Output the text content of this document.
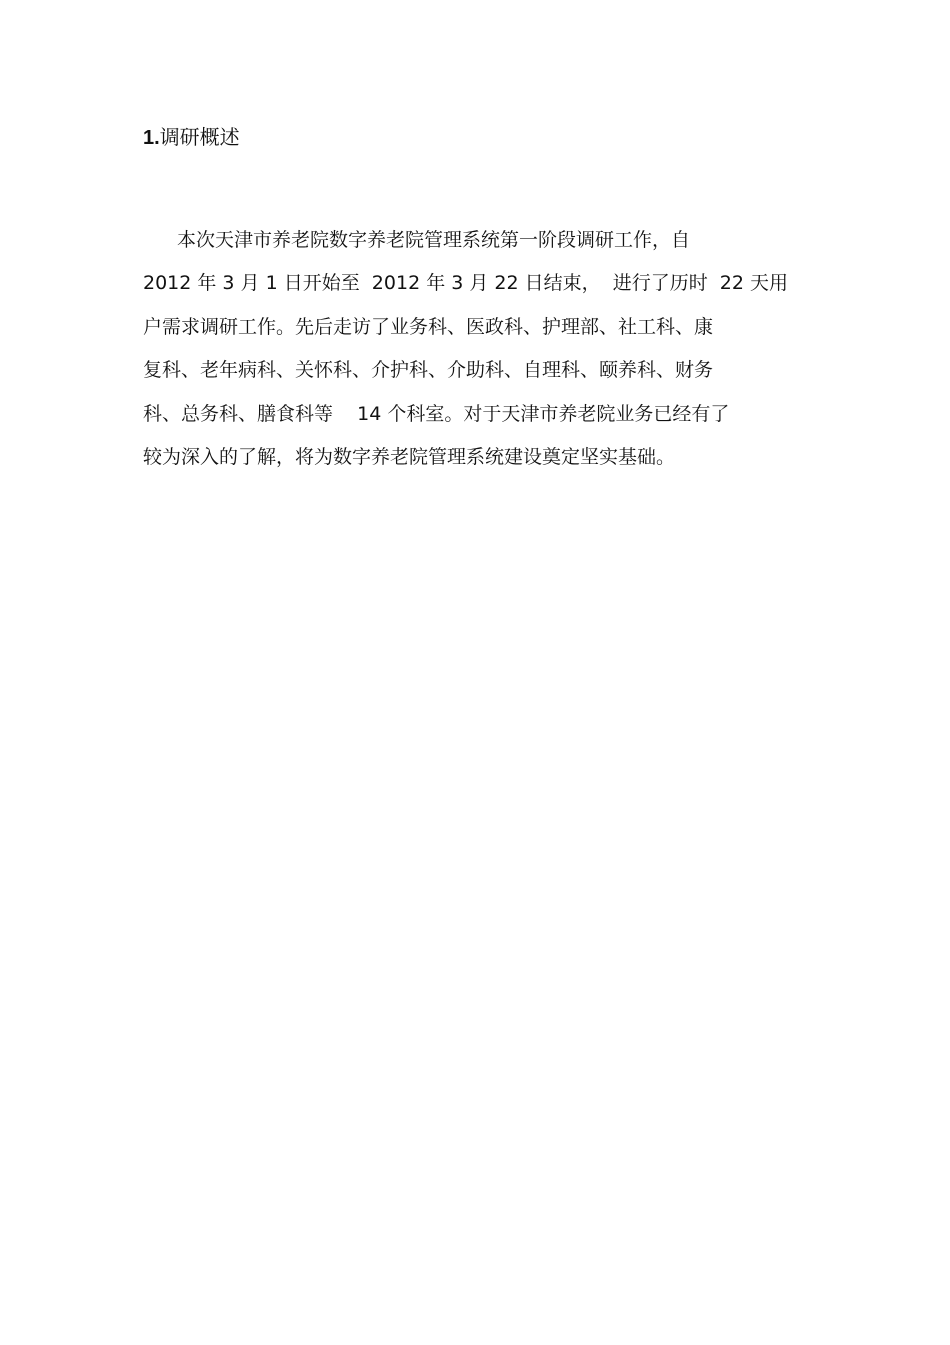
1.调研概述
本次天津市养老院数字养老院管理系统第一阶段调研工作，自
2012 年 3 月 1 日开始至  2012 年 3 月 22 日结束，  进行了历时  22 天用
户需求调研工作。先后走访了业务科、医政科、护理部、社工科、康
复科、老年病科、关怀科、介护科、介助科、自理科、颐养科、财务
科、总务科、膳食科等    14 个科室。对于天津市养老院业务已经有了
较为深入的了解，将为数字养老院管理系统建设奠定坚实基础。
